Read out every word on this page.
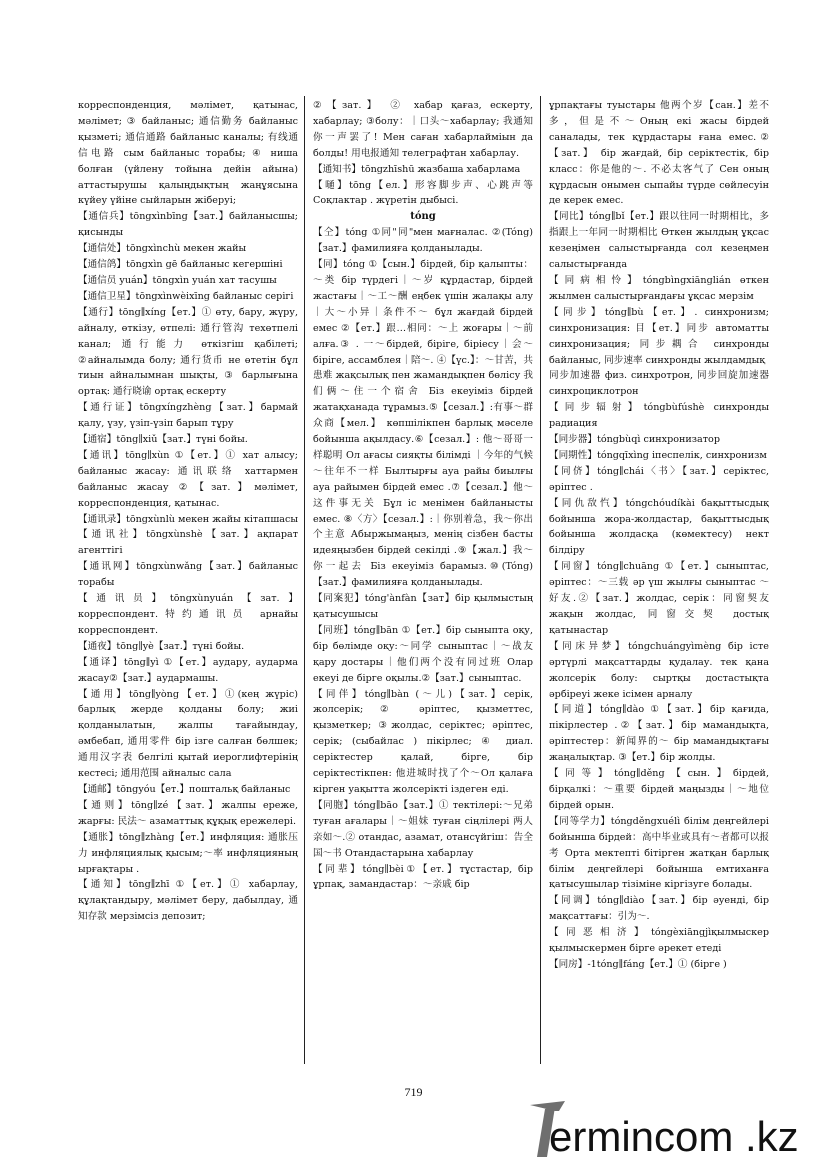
корреспонденция, мәлімет, қатынас, мәлімет; ③ байланыс; 通信勤务 байланыс қызметі; 通信通路 байланыс каналы; 有线通信电路 сым байланыс торабы; ④ ниша болған (үйлену тойына дейін айына) аттастырушы қалыңдықтың жаңұясына күйеу үйіне сыйларын жіберуі;

【通信兵】tōngxìnbīng【зат.】байланысшы; қисынды

【通信处】tōngxìnchù мекен жайы

【通信鸽】tōngxìn gē байланыс кегершіні

【通信员 yuán】tōngxìn yuán хат тасушы

【通信卫星】tōngxìnwèixīng байланыс серігі

【通行】tōng∥xíng【ет.】① өту, бару, жүру, айналу, өткізу, өтпелі: 通行管沟 техөтпелі канал; 通行能力 өткізгіш қабілеті; ②айналымда болу; 通行货币 не өтетін бұл тиын айналымнан шықты, ③ барлығына ортақ: 通行晓谕 ортақ ескерту

【通行证】tōngxíngzhèng【зат.】бармай қалу, үзу, үзіп-үзіп барып тұру

【通宿】tōng∥xiǔ【зат.】түні бойы.

【通讯】tōng∥xùn ①【ет.】① хат алысу; байланыс жасау: 通讯联络 хаттармен байланыс жасау ②【зат.】мәлімет, корреспонденция, қатынас.

【通讯录】tōngxùnlù мекен жайы кітапшасы

【通讯社】tōngxùnshè【зат.】ақпарат агенттігі

【通讯网】tōngxùnwǎng【зат.】байланыс торабы

【通讯员】tōngxùnyuán【зат.】корреспондент.特约通讯员 арнайы корреспондент.

【通夜】tōng∥yè【зат.】түні бойы.

【通译】tōng∥yì ①【ет.】аудару, аударма жасау②【зат.】аудармашы.

【通用】tōng∥yòng【ет.】①(кең жүріс) барлық жерде қолданы болу; жиі қолданылатын, жалпы тағайындау, әмбебап, 通用零件 бір ізге салған бөлшек; 通用汉字表 белгілі қытай иероглифтерінің кестесі; 通用范围 айналыс сала

【通邮】tōngyóu【ет.】поштальқ байланыс

【通则】tōng∥zé【зат.】жалпы ереже, жарғы: 民法～ азаматтық құқық ережелері.

【通胀】tōng∥zhàng【ет.】инфляция: 通胀压力 инфляциялық қысым;～率 инфляцияның ырғақтары .

【通知】tōng∥zhī ①【ет.】① хабарлау, құлақтандыру, мәлімет беру, дабылдау, 通知存款 мерзімсіз депозит;

②【зат.】 ② хабар қағаз, ескерту, хабарлау; ③болу：｜口头～хабарлау; 我通知你一声罢了! Мен саған хабарлайміын да болды! 用电报通知 телеграфтан хабарлау.

【通知书】tōngzhīshū жазбаша хабарлама

【嗵】tōng【ел.】形容脚步声、心跳声等 Соқлактар . жүретін дыбысі.

tóng

【仝】tóng ①同"同"мен мағналас. ②(Tóng)【зат.】фамилияға қолданылады.

【同】tóng ①【сын.】бірдей, бір қалыпты：～类 бір түрдегі｜～岁 құрдастар, бірдей жастағы｜～工～酬 еңбек үшін жалақы алу｜大～小异｜条件不～ бұл жағдай бірдей емес ②【ет.】跟…相同：～上 жоғары｜～前 алға.③ . 一～бірдей, біріге, біріесу｜会～ біріге, ассамблея｜陪～. ④【үс.】：～甘苦，共患难 жақсылық пен жамандықпен бөлісу 我们俩～住一个宿舍 Біз екеуіміз бірдей жатақханада тұрамыз.⑤【сезал.】:有事～群众商【мел.】 көпшілікпен барлық мәселе бойынша ақылдасу.⑥【сезал.】: 他～哥哥一样聪明 Ол ағасы сияқты білімді ｜今年的气候～往年不一样 Былтырғы ауа райы биылғы ауа райымен бірдей емес .⑦【сезал.】他～这件事无关 Бұл іс менімен байланысты емес. ⑧〈方〉【сезал.】:｜你别着急，我～你出个主意 Абыржымаңыз, менің сізбен басты идеяңызбен бірдей секілді .⑨【жал.】我～你一起去 Біз екеуіміз барамыз.⑩(Tóng)【зат.】фамилияға қолданылады.

【同案犯】tóng'ànfàn【зат】бір қылмыстың қатысушысы

【同班】tóng∥bān ①【ет.】бір сыныпта оқу, бір бөлімде оқу:～同学 сыныптас｜～战友 қару достары｜他们两个没有同过班 Олар екеуі де бірге оқылы.②【зат.】сыныптас.

【同伴】tóng∥bàn (～儿)【зат.】серік, жолсерік; ② әріптес, қызметтес, қызметкер; ③жолдас, серіктес; әріптес, серік; (сыбайлас ) пікірлес; ④ диал. серіктестер қалай, бірге, бір серіктестікпен: 他进城时找了个～Ол қалаға кірген уақытта жолсерікті іздеген еді.

【同胞】tóng∥bāo【зат.】① тектілері:～兄弟 туған ағалары｜～姐妹 туған сіңлілері 两人亲如～.② отандас, азамат, отансүйгіш：告全国～书 Отандастарына хабарлау

【同辈】tóng∥bèi①【ет.】тұстастар, бір ұрпақ, замандастар：～亲戚 бір

ұрпақтағы туыстары 他两个岁【сан.】差不多，但是不～Оның екі жасы бірдей саналады, тек құрдастары ғана емес.②【зат.】 бір жағдай, бір серіктестік, бір класс：你是他的～. 不必太客气了 Сен оның құрдасын онымен сыпайы түрде сөйлесуін де керек емес.

【同比】tóng∥bǐ【ет.】跟以往同一时期相比，多指跟上一年同一时期相比 Өткен жылдың ұқсас кезеңімен салыстырғанда сол кезеңмен салыстырғанда

【同病相怜】tóngbìngxiānglián өткен жылмен салыстырғандағы ұқсас мерзім

【同步】tóng∥bù【ет.】. синхронизм; синхронизация: 目【ет.】同步 автоматты синхронизация; 同步耦合 синхронды байланыс, 同步速率 синхронды жылдамдық

同步加速器 физ. синхротрон, 同步回旋加速器 синхроциклотрон

【同步辐射】tóngbùfúshè синхронды радиация

【同步器】tóngbùqì синхронизатор

【同期性】tóngqīxìng іпеспелік, синхронизм

【同侪】tóng∥chái〈书〉【зат.】серіктес, әріптес .

【同仇敌忾】tóngchóudíkài бақыттысдық бойынша жора-жолдастар, бақыттысдық бойынша жолдасқа (көмектесу) нект білдіру

【同窗】tóng∥chuāng ①【ет.】сыныптас, әріптес：～三载 әр үш жылғы сыныптас ～好友.②【зат.】жолдас, серік：同窗契友 жақын жолдас, 同窗交契 достық қатынастар

【同床异梦】tóngchuángyìmèng бір істе әртүрлі мақсаттарды қудалау. тек қана жолсерік болу: сыртқы достастықта әрбіреуі жеке ісімен арналу

【同道】tóng∥dào ①【зат.】бір қағида, пікірлестер .②【зат.】бір мамандықта, әріптестер：新闻界的～ бір мамандықтағы жаңалықтар. ③【ет.】бір жолды.

【同等】tóng∥děng【сын.】бірдей, бірқалкі：～重要 бірдей маңызды｜～地位 бірдей орын.

【同等学力】tóngděngxuélì білім деңгейлері бойынша бірдей：高中毕业或具有～者都可以报考 Орта мектепті бітірген жатқан барлық білім деңгейлері бойынша емтиханға қатысушылар тізіміне кіргізуге болады.

【同调】tóng∥diào【зат.】бір әуенді, бір мақсаттағы：引为～.

【同恶相济】tóngèxiāngjìқылмыскер қылмыскермен бірге әрекет етеді

【同房】-1tóng∥fáng【ет.】① (бірге )

719
ermincom .kz
